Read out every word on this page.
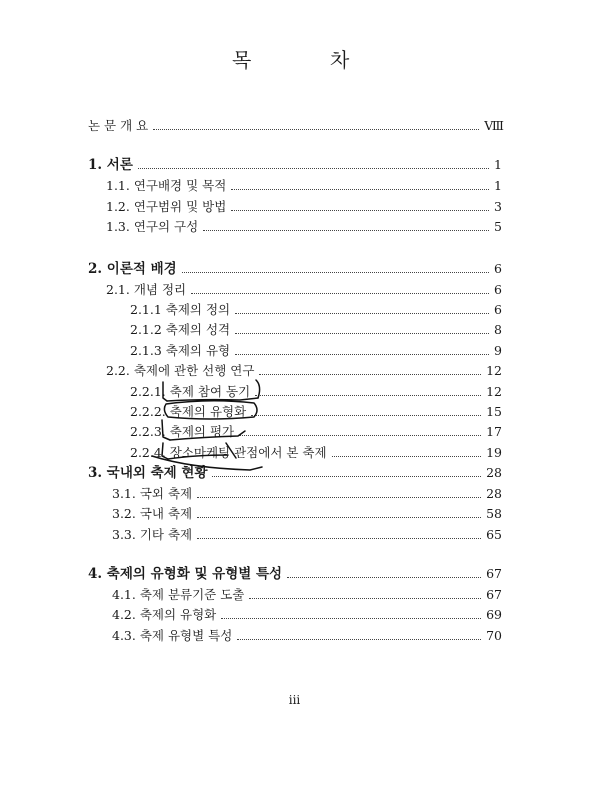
목	차
논 문 개 요	Ⅷ
1. 서론	1
1.1. 연구배경 및 목적	1
1.2. 연구범위 및 방법	3
1.3. 연구의 구성	5
2. 이론적 배경	6
2.1. 개념 정리	6
2.1.1 축제의 정의	6
2.1.2 축제의 성격	8
2.1.3 축제의 유형	9
2.2. 축제에 관한 선행 연구	12
2.2.1. 축제 참여 동기	12
2.2.2. 축제의 유형화	15
2.2.3. 축제의 평가	17
2.2.4. 장소마케팅 관점에서 본 축제	19
3. 국내외 축제 현황	28
3.1. 국외 축제	28
3.2. 국내 축제	58
3.3. 기타 축제	65
4. 축제의 유형화 및 유형별 특성	67
4.1. 축제 분류기준 도출	67
4.2. 축제의 유형화	69
4.3. 축제 유형별 특성	70
iii
